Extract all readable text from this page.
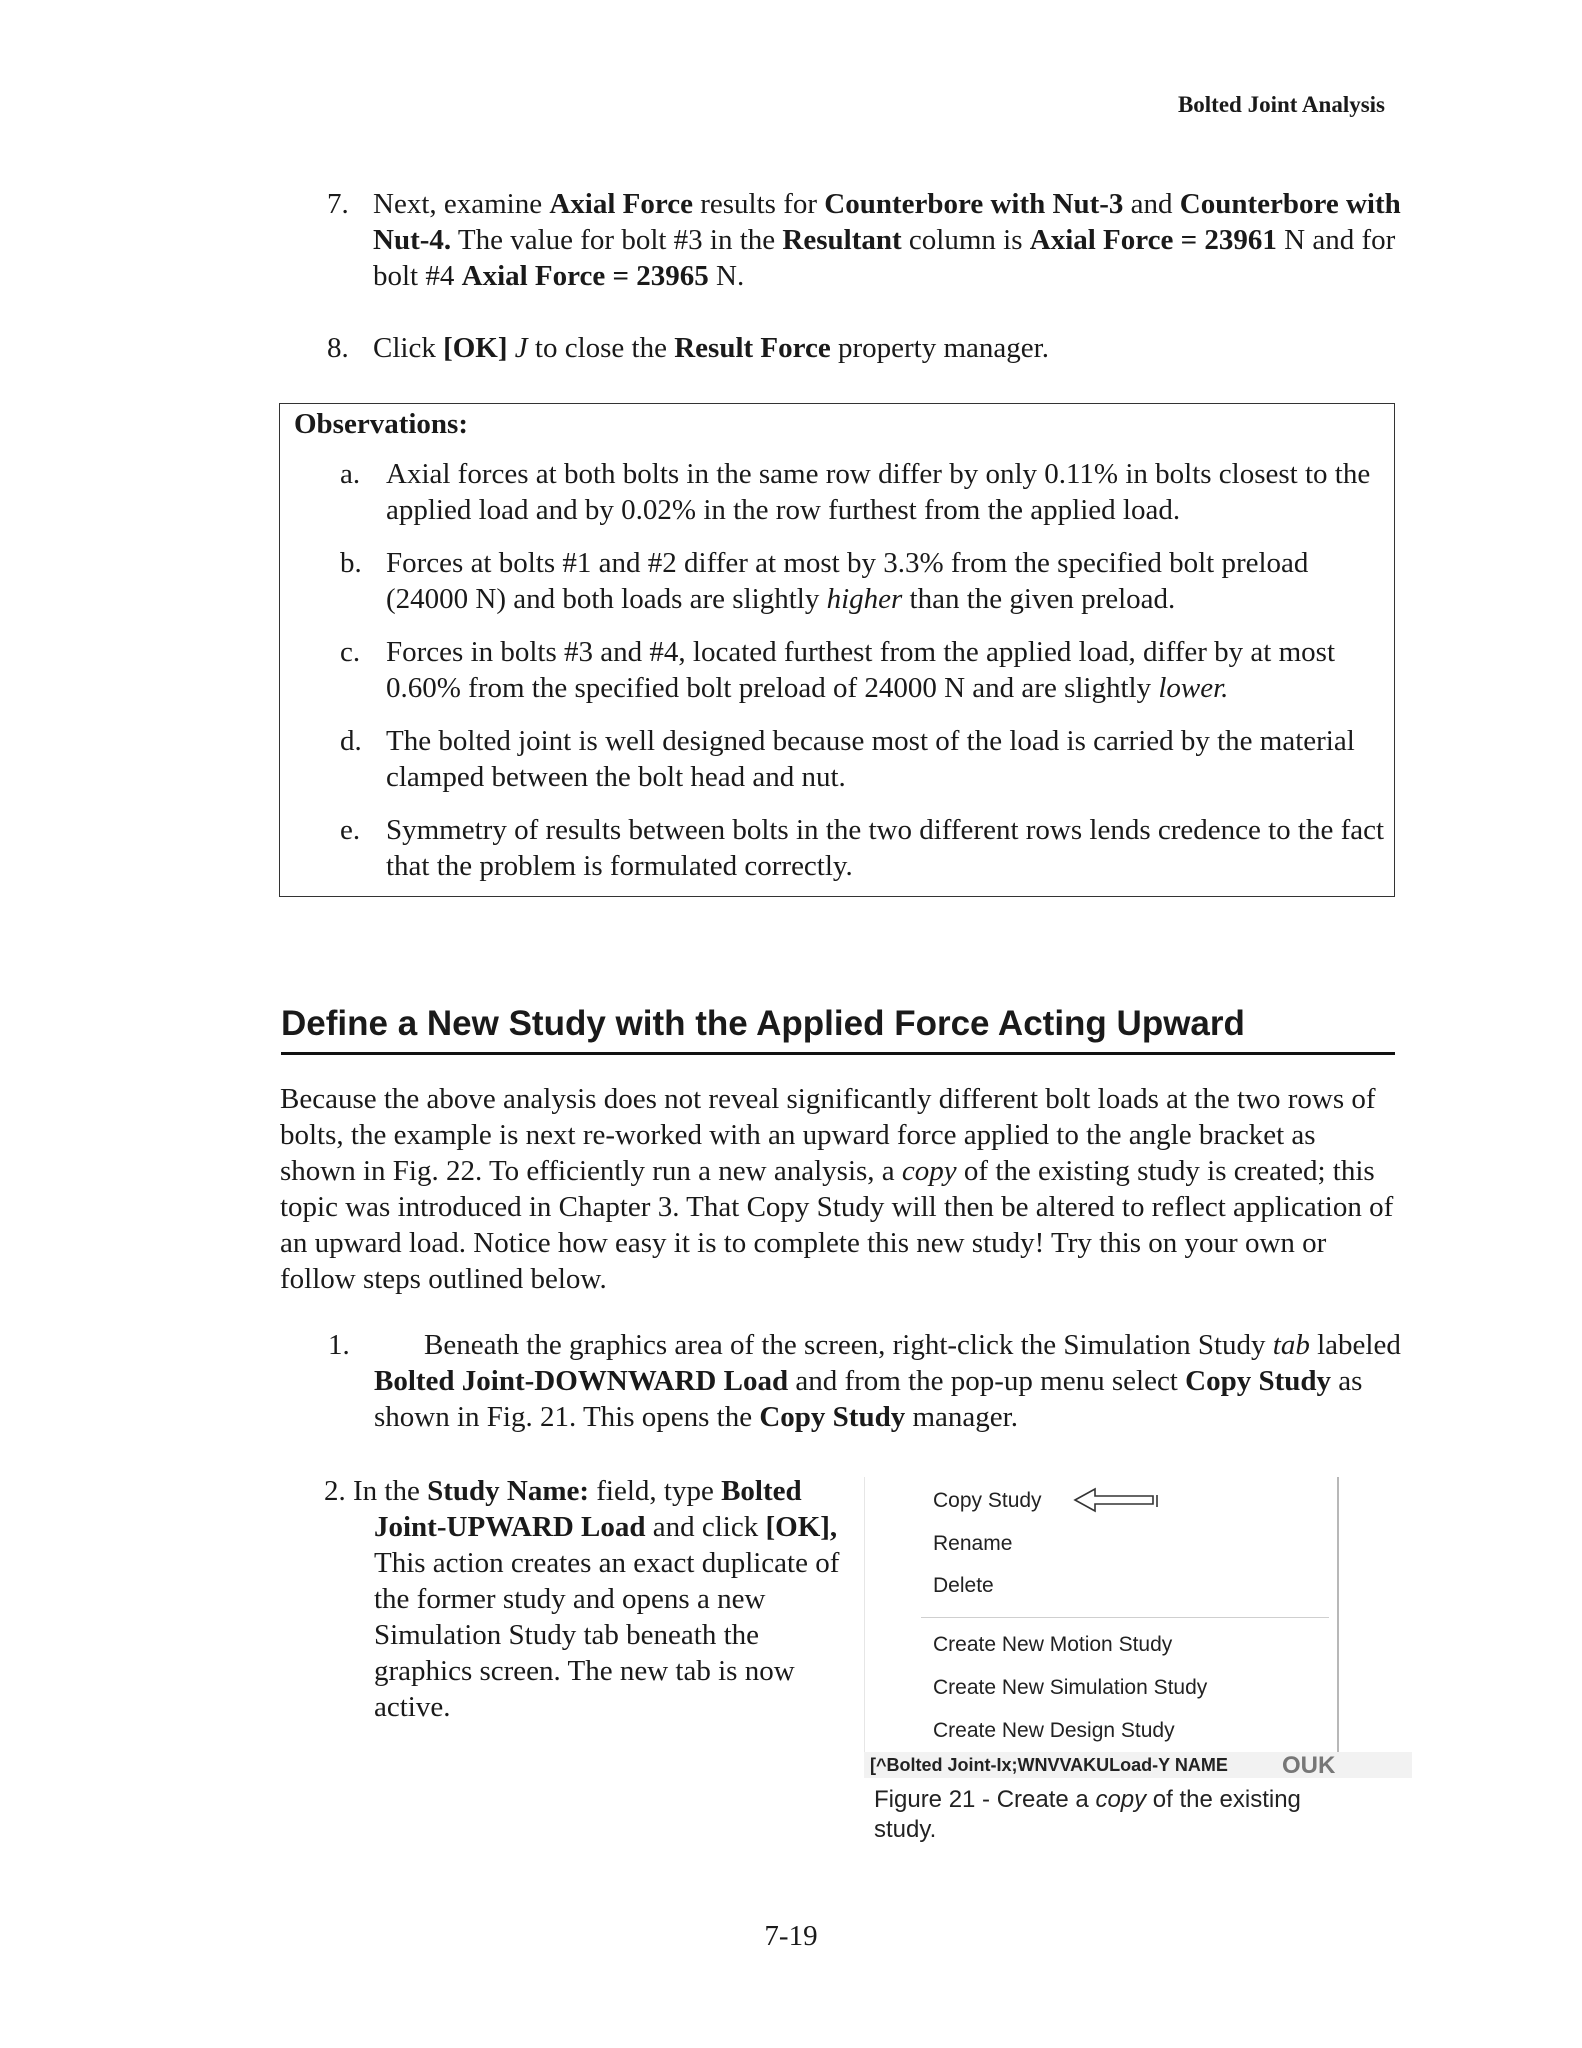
Bolted Joint Analysis
7. Next, examine Axial Force results for Counterbore with Nut-3 and Counterbore with Nut-4. The value for bolt #3 in the Resultant column is Axial Force = 23961 N and for bolt #4 Axial Force = 23965 N.
8. Click [OK] J to close the Result Force property manager.
Observations:
a. Axial forces at both bolts in the same row differ by only 0.11% in bolts closest to the applied load and by 0.02% in the row furthest from the applied load.
b. Forces at bolts #1 and #2 differ at most by 3.3% from the specified bolt preload (24000 N) and both loads are slightly higher than the given preload.
c. Forces in bolts #3 and #4, located furthest from the applied load, differ by at most 0.60% from the specified bolt preload of 24000 N and are slightly lower.
d. The bolted joint is well designed because most of the load is carried by the material clamped between the bolt head and nut.
e. Symmetry of results between bolts in the two different rows lends credence to the fact that the problem is formulated correctly.
Define a New Study with the Applied Force Acting Upward
Because the above analysis does not reveal significantly different bolt loads at the two rows of bolts, the example is next re-worked with an upward force applied to the angle bracket as shown in Fig. 22. To efficiently run a new analysis, a copy of the existing study is created; this topic was introduced in Chapter 3. That Copy Study will then be altered to reflect application of an upward load. Notice how easy it is to complete this new study! Try this on your own or follow steps outlined below.
1.	Beneath the graphics area of the screen, right-click the Simulation Study tab labeled Bolted Joint-DOWNWARD Load and from the pop-up menu select Copy Study as shown in Fig. 21. This opens the Copy Study manager.
2. In the Study Name: field, type Bolted Joint-UPWARD Load and click [OK], This action creates an exact duplicate of the former study and opens a new Simulation Study tab beneath the graphics screen. The new tab is now active.
Copy Study
Rename
Delete
Create New Motion Study
Create New Simulation Study
Create New Design Study
[^Bolted Joint-Ix;WNVVAKULoad-Y NAME OUK
Figure 21 - Create a copy of the existing study.
7-19
